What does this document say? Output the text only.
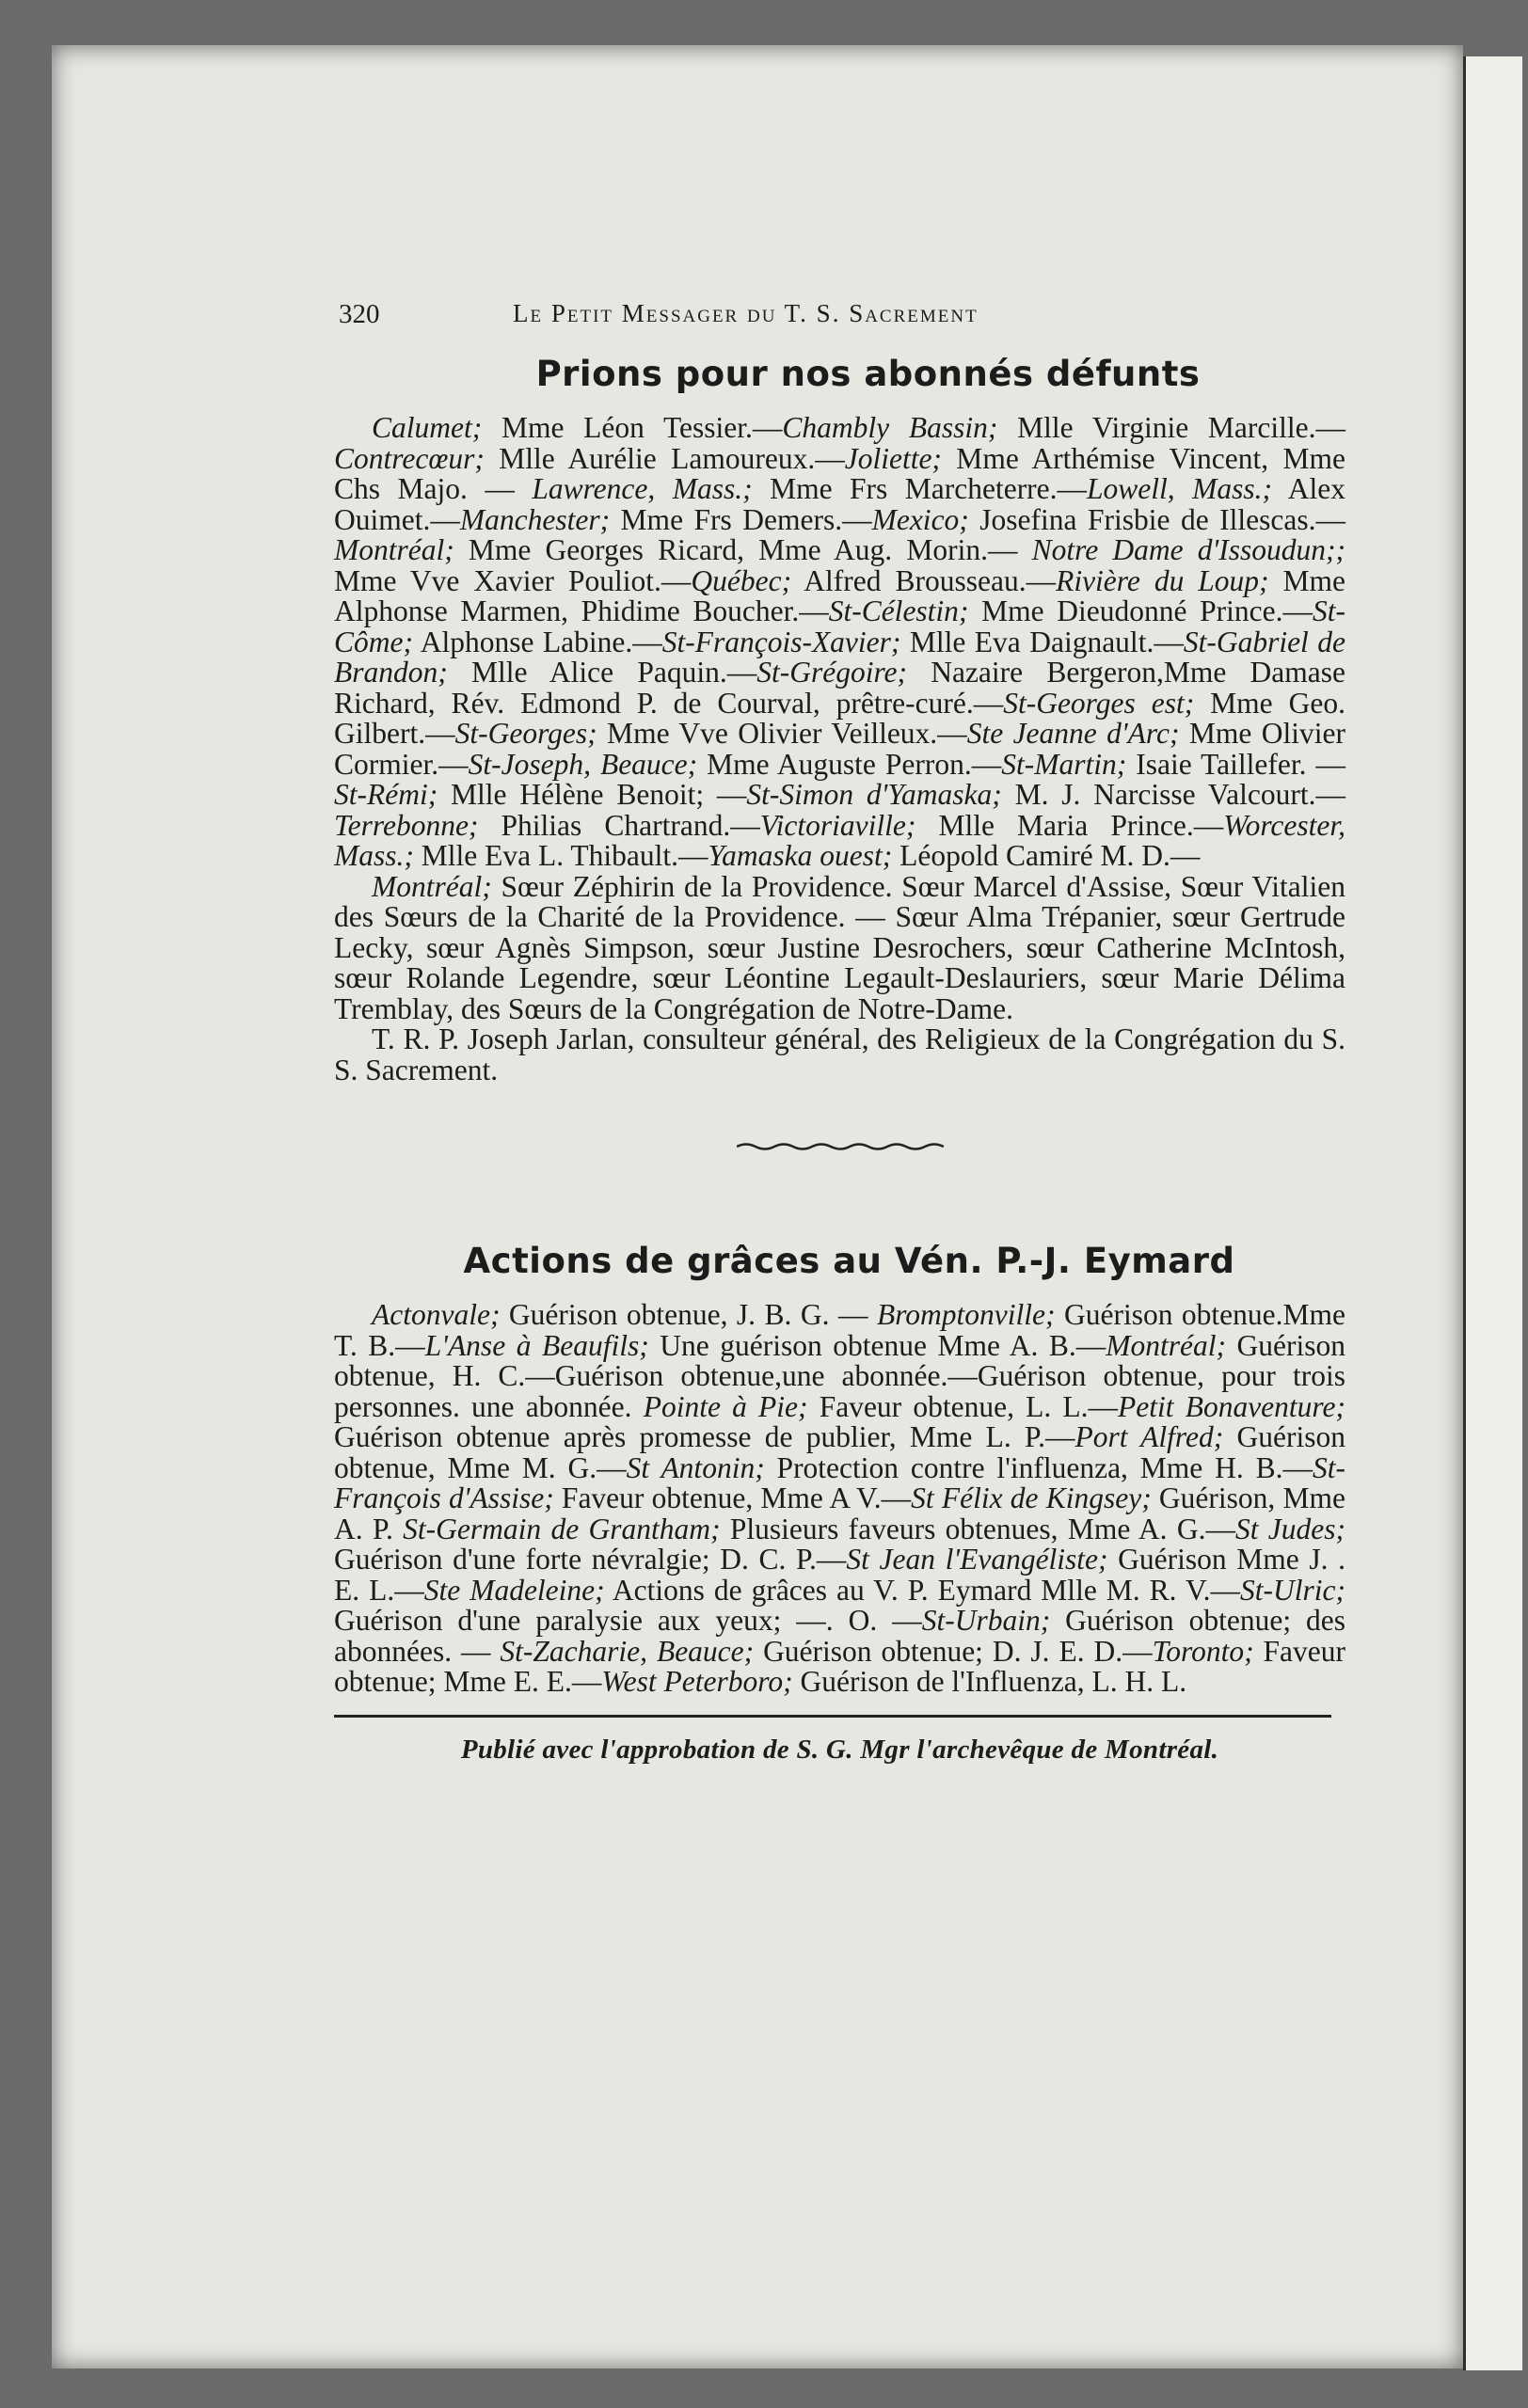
320	Le Petit Messager du T. S. Sacrement
Prions pour nos abonnés défunts

Calumet; Mme Léon Tessier.—Chambly Bassin; Mlle Virginie Marcille.—Contrecœur; Mlle Aurélie Lamoureux.—Joliette; Mme Arthémise Vincent, Mme Chs Majo. — Lawrence, Mass.; Mme Frs Marcheterre.—Lowell, Mass.; Alex Ouimet.—Manchester; Mme Frs Demers.—Mexico; Josefina Frisbie de Illescas.—Montréal; Mme Georges Ricard, Mme Aug. Morin.— Notre Dame d'Issoudun;; Mme Vve Xavier Pouliot.—Québec; Alfred Brousseau.—Rivière du Loup; Mme Alphonse Marmen, Phidime Boucher.—St-Célestin; Mme Dieudonné Prince.—St-Côme; Alphonse Labine.—St-François-Xavier; Mlle Eva Daignault.—St-Gabriel de Brandon; Mlle Alice Paquin.—St-Grégoire; Nazaire Bergeron,Mme Damase Richard, Rév. Edmond P. de Courval, prêtre-curé.—St-Georges est; Mme Geo. Gilbert.—St-Georges; Mme Vve Olivier Veilleux.—Ste Jeanne d'Arc; Mme Olivier Cormier.—St-Joseph, Beauce; Mme Auguste Perron.—St-Martin; Isaie Taillefer. — St-Rémi; Mlle Hélène Benoit; —St-Simon d'Yamaska; M. J. Narcisse Valcourt.—Terrebonne; Philias Chartrand.—Victoriaville; Mlle Maria Prince.—Worcester, Mass.; Mlle Eva L. Thibault.—Yamaska ouest; Léopold Camiré M. D.—

Montréal; Sœur Zéphirin de la Providence. Sœur Marcel d'Assise, Sœur Vitalien des Sœurs de la Charité de la Providence. — Sœur Alma Trépanier, sœur Gertrude Lecky, sœur Agnès Simpson, sœur Justine Desrochers, sœur Catherine McIntosh, sœur Rolande Legendre, sœur Léontine Legault-Deslauriers, sœur Marie Délima Tremblay, des Sœurs de la Congrégation de Notre-Dame.

T. R. P. Joseph Jarlan, consulteur général, des Religieux de la Congrégation du S. S. Sacrement.

Actions de grâces au Vén. P.-J. Eymard

Actonvale; Guérison obtenue, J. B. G. — Bromptonville; Guérison obtenue.Mme T. B.—L'Anse à Beaufils; Une guérison obtenue Mme A. B.—Montréal; Guérison obtenue, H. C.—Guérison obtenue,une abonnée.—Guérison obtenue, pour trois personnes. une abonnée. Pointe à Pie; Faveur obtenue, L. L.—Petit Bonaventure; Guérison obtenue après promesse de publier, Mme L. P.—Port Alfred; Guérison obtenue, Mme M. G.—St Antonin; Protection contre l'influenza, Mme H. B.—St-François d'Assise; Faveur obtenue, Mme A V.—St Félix de Kingsey; Guérison, Mme A. P. St-Germain de Grantham; Plusieurs faveurs obtenues, Mme A. G.—St Judes; Guérison d'une forte névralgie; D. C. P.—St Jean l'Evangéliste; Guérison Mme J. . E. L.—Ste Madeleine; Actions de grâces au V. P. Eymard Mlle M. R. V.—St-Ulric; Guérison d'une paralysie aux yeux; —. O. —St-Urbain; Guérison obtenue; des abonnées. — St-Zacharie, Beauce; Guérison obtenue; D. J. E. D.—Toronto; Faveur obtenue; Mme E. E.—West Peterboro; Guérison de l'Influenza, L. H. L.

Publié avec l'approbation de S. G. Mgr l'archevêque de Montréal.
